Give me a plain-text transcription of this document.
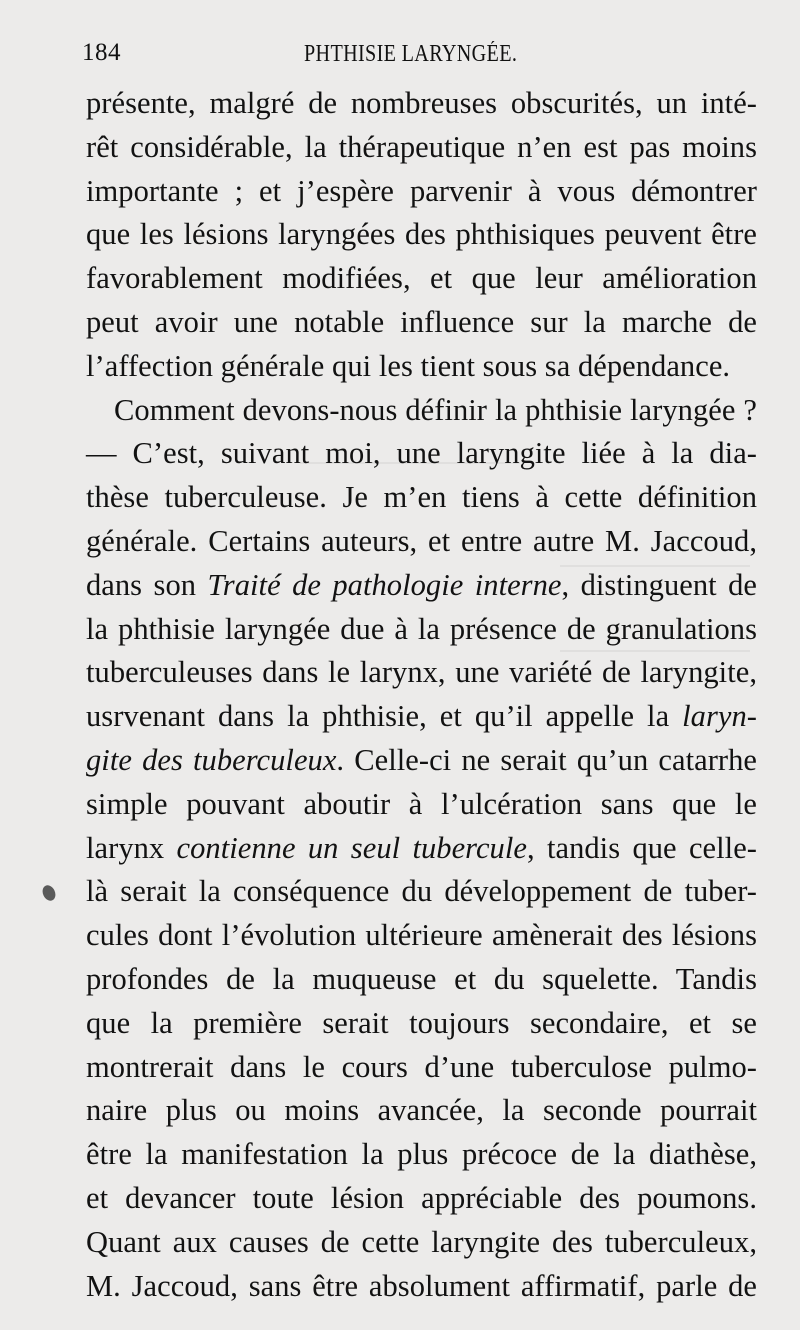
184	PHTHISIE LARYNGÉE.
présente, malgré de nombreuses obscurités, un inté-
rêt considérable, la thérapeutique n’en est pas moins
importante ; et j’espère parvenir à vous démontrer
que les lésions laryngées des phthisiques peuvent être
favorablement modifiées, et que leur amélioration
peut avoir une notable influence sur la marche de
l’affection générale qui les tient sous sa dépendance.
Comment devons-nous définir la phthisie laryngée ?
— C’est, suivant moi, une laryngite liée à la dia-
thèse tuberculeuse. Je m’en tiens à cette définition
générale. Certains auteurs, et entre autre M. Jaccoud,
dans son Traité de pathologie interne, distinguent de
la phthisie laryngée due à la présence de granulations
tuberculeuses dans le larynx, une variété de laryngite,
usrvenant dans la phthisie, et qu’il appelle la laryn-
gite des tuberculeux. Celle-ci ne serait qu’un catarrhe
simple pouvant aboutir à l’ulcération sans que le
larynx contienne un seul tubercule, tandis que celle-
là serait la conséquence du développement de tuber-
cules dont l’évolution ultérieure amènerait des lésions
profondes de la muqueuse et du squelette. Tandis
que la première serait toujours secondaire, et se
montrerait dans le cours d’une tuberculose pulmo-
naire plus ou moins avancée, la seconde pourrait
être la manifestation la plus précoce de la diathèse,
et devancer toute lésion appréciable des poumons.
Quant aux causes de cette laryngite des tuberculeux,
M. Jaccoud, sans être absolument affirmatif, parle de
